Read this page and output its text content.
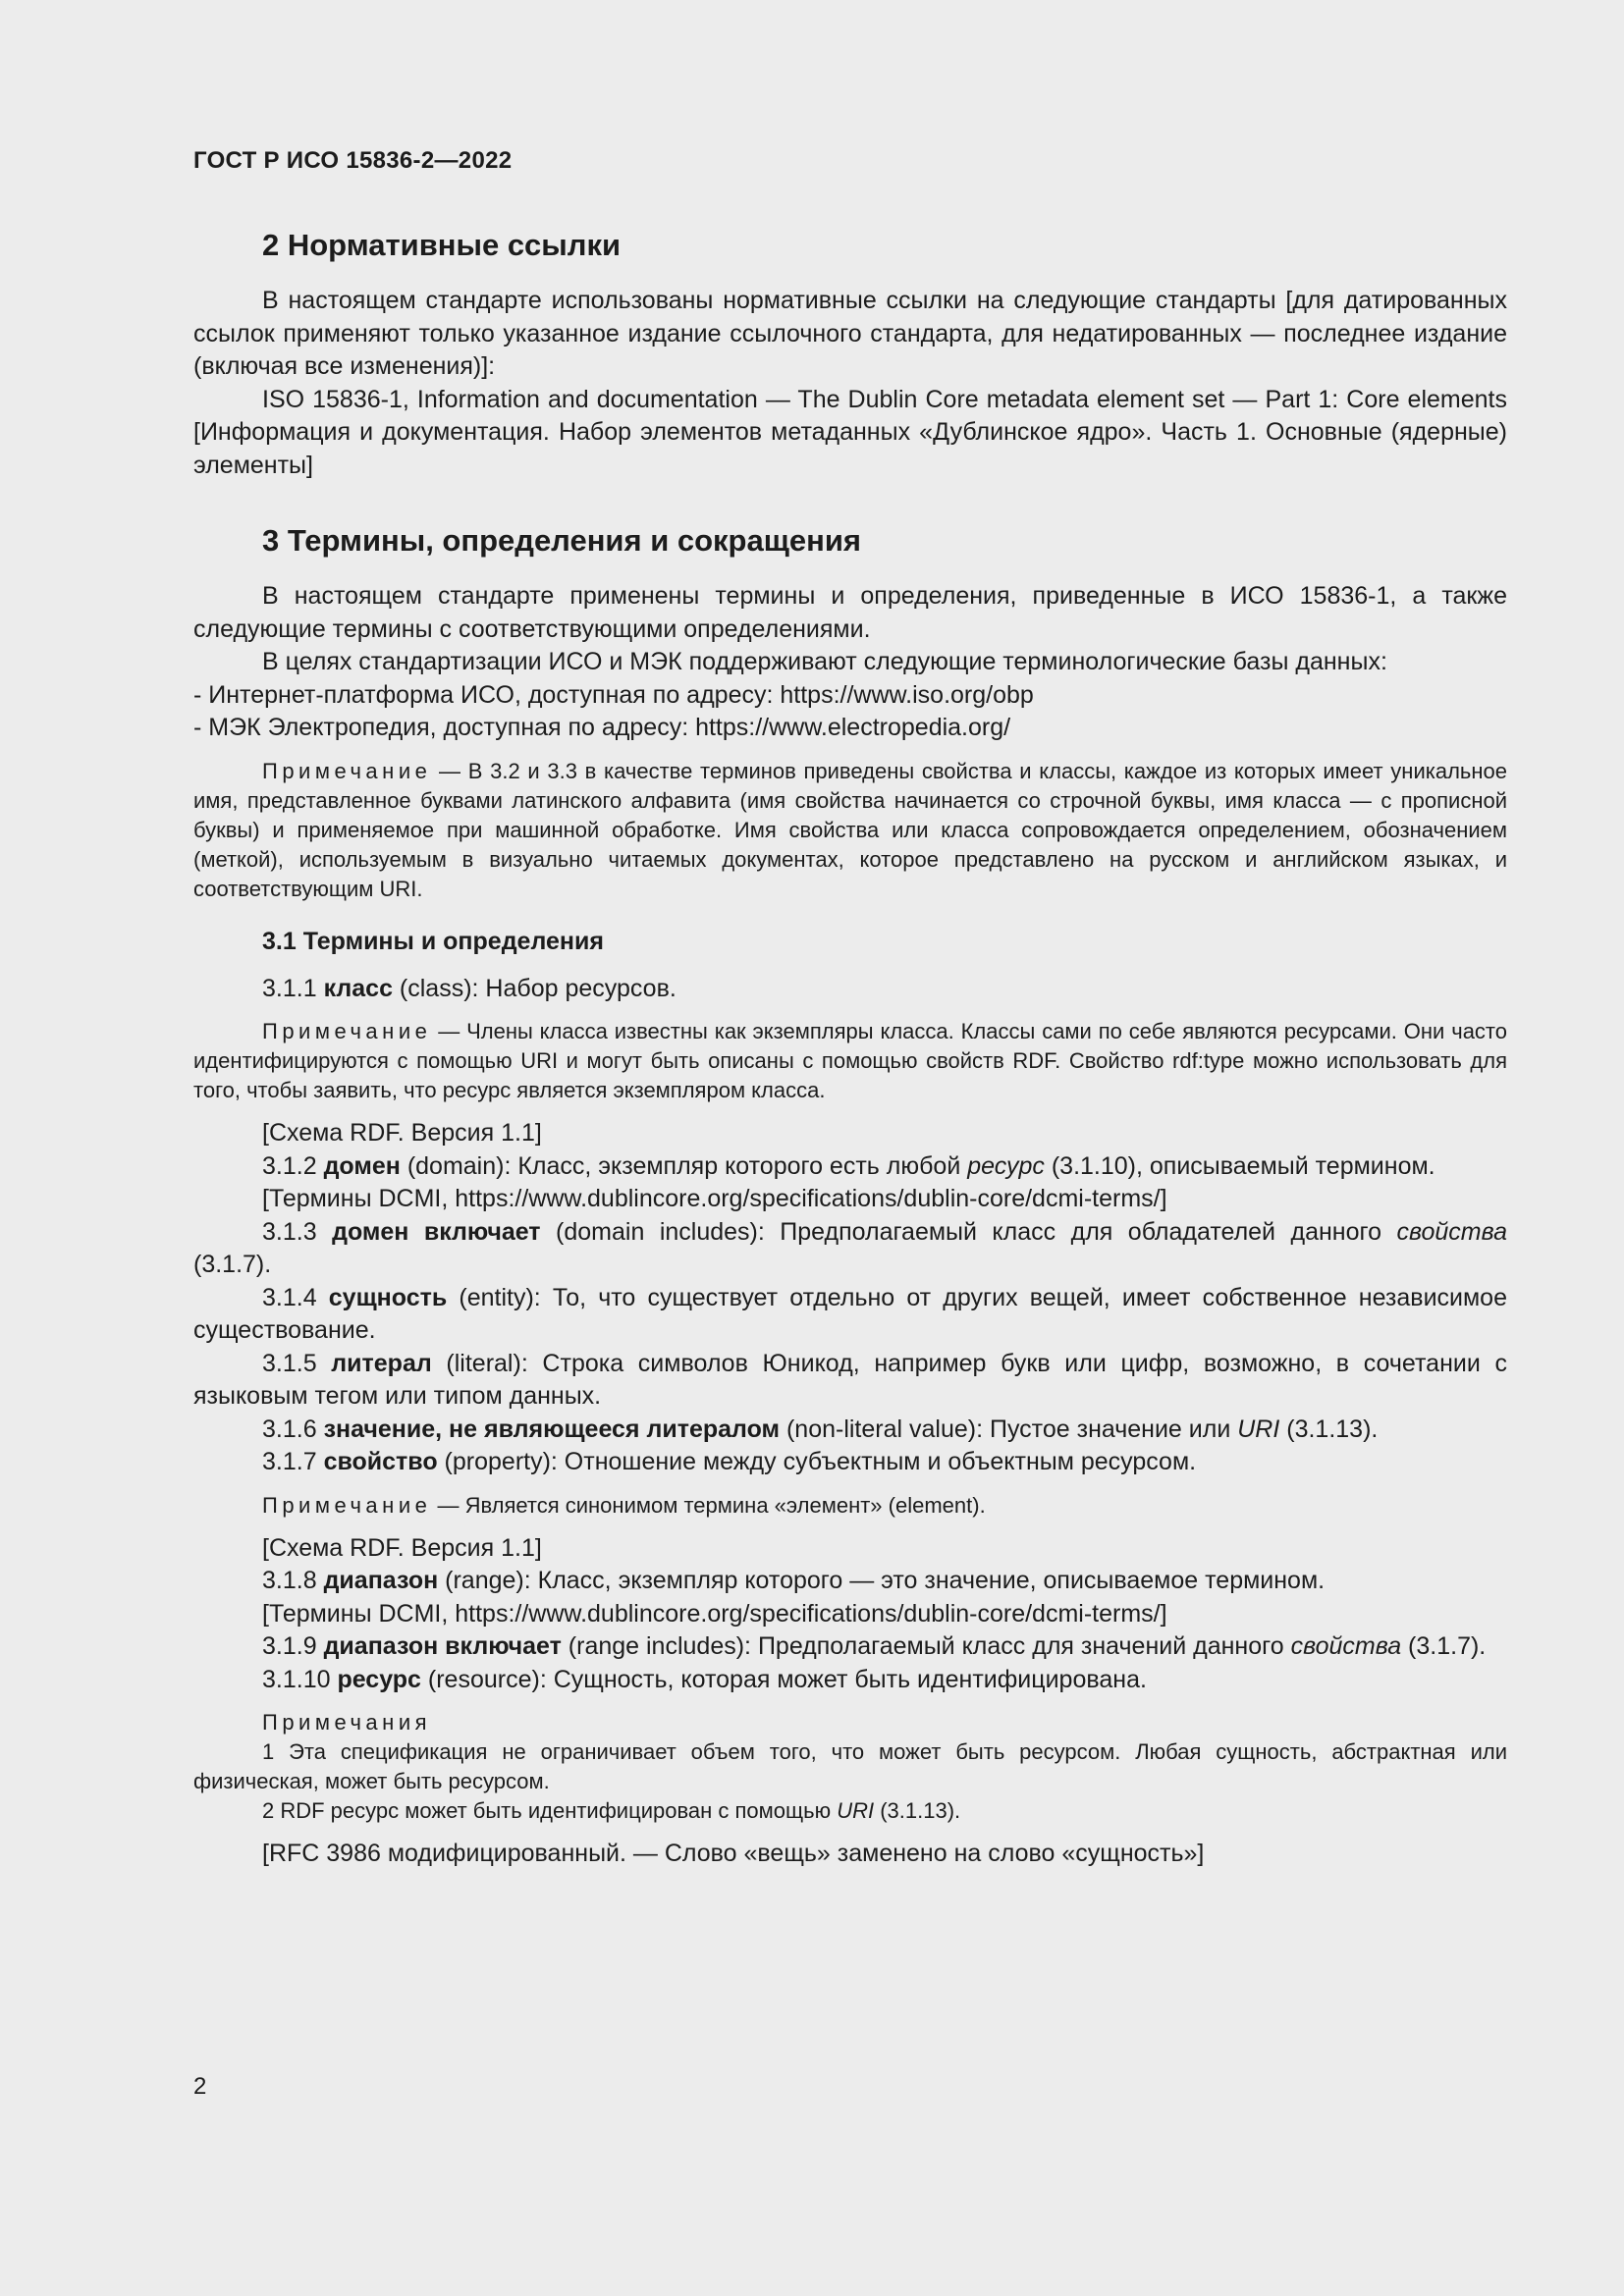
ГОСТ Р ИСО 15836-2—2022
2 Нормативные ссылки

В настоящем стандарте использованы нормативные ссылки на следующие стандарты [для датированных ссылок применяют только указанное издание ссылочного стандарта, для недатированных — последнее издание (включая все изменения)]:

ISO 15836-1, Information and documentation — The Dublin Core metadata element set — Part 1: Core elements [Информация и документация. Набор элементов метаданных «Дублинское ядро». Часть 1. Основные (ядерные) элементы]

3 Термины, определения и сокращения

В настоящем стандарте применены термины и определения, приведенные в ИСО 15836-1, а также следующие термины с соответствующими определениями.

В целях стандартизации ИСО и МЭК поддерживают следующие терминологические базы данных:

- Интернет-платформа ИСО, доступная по адресу: https://www.iso.org/obp

- МЭК Электропедия, доступная по адресу: https://www.electropedia.org/

Примечание — В 3.2 и 3.3 в качестве терминов приведены свойства и классы, каждое из которых имеет уникальное имя, представленное буквами латинского алфавита (имя свойства начинается со строчной буквы, имя класса — с прописной буквы) и применяемое при машинной обработке. Имя свойства или класса сопровождается определением, обозначением (меткой), используемым в визуально читаемых документах, которое представлено на русском и английском языках, и соответствующим URI.

3.1 Термины и определения

3.1.1 класс (class): Набор ресурсов.

Примечание — Члены класса известны как экземпляры класса. Классы сами по себе являются ресурсами. Они часто идентифицируются с помощью URI и могут быть описаны с помощью свойств RDF. Свойство rdf:type можно использовать для того, чтобы заявить, что ресурс является экземпляром класса.

[Схема RDF. Версия 1.1]

3.1.2 домен (domain): Класс, экземпляр которого есть любой ресурс (3.1.10), описываемый термином.

[Термины DCMI, https://www.dublincore.org/specifications/dublin-core/dcmi-terms/]

3.1.3 домен включает (domain includes): Предполагаемый класс для обладателей данного свойства (3.1.7).

3.1.4 сущность (entity): То, что существует отдельно от других вещей, имеет собственное независимое существование.

3.1.5 литерал (literal): Строка символов Юникод, например букв или цифр, возможно, в сочетании с языковым тегом или типом данных.

3.1.6 значение, не являющееся литералом (non-literal value): Пустое значение или URI (3.1.13).

3.1.7 свойство (property): Отношение между субъектным и объектным ресурсом.

Примечание — Является синонимом термина «элемент» (element).

[Схема RDF. Версия 1.1]

3.1.8 диапазон (range): Класс, экземпляр которого — это значение, описываемое термином.

[Термины DCMI, https://www.dublincore.org/specifications/dublin-core/dcmi-terms/]

3.1.9 диапазон включает (range includes): Предполагаемый класс для значений данного свойства (3.1.7).

3.1.10 ресурс (resource): Сущность, которая может быть идентифицирована.

Примечания

1 Эта спецификация не ограничивает объем того, что может быть ресурсом. Любая сущность, абстрактная или физическая, может быть ресурсом.

2 RDF ресурс может быть идентифицирован с помощью URI (3.1.13).

[RFC 3986 модифицированный. — Слово «вещь» заменено на слово «сущность»]

2
